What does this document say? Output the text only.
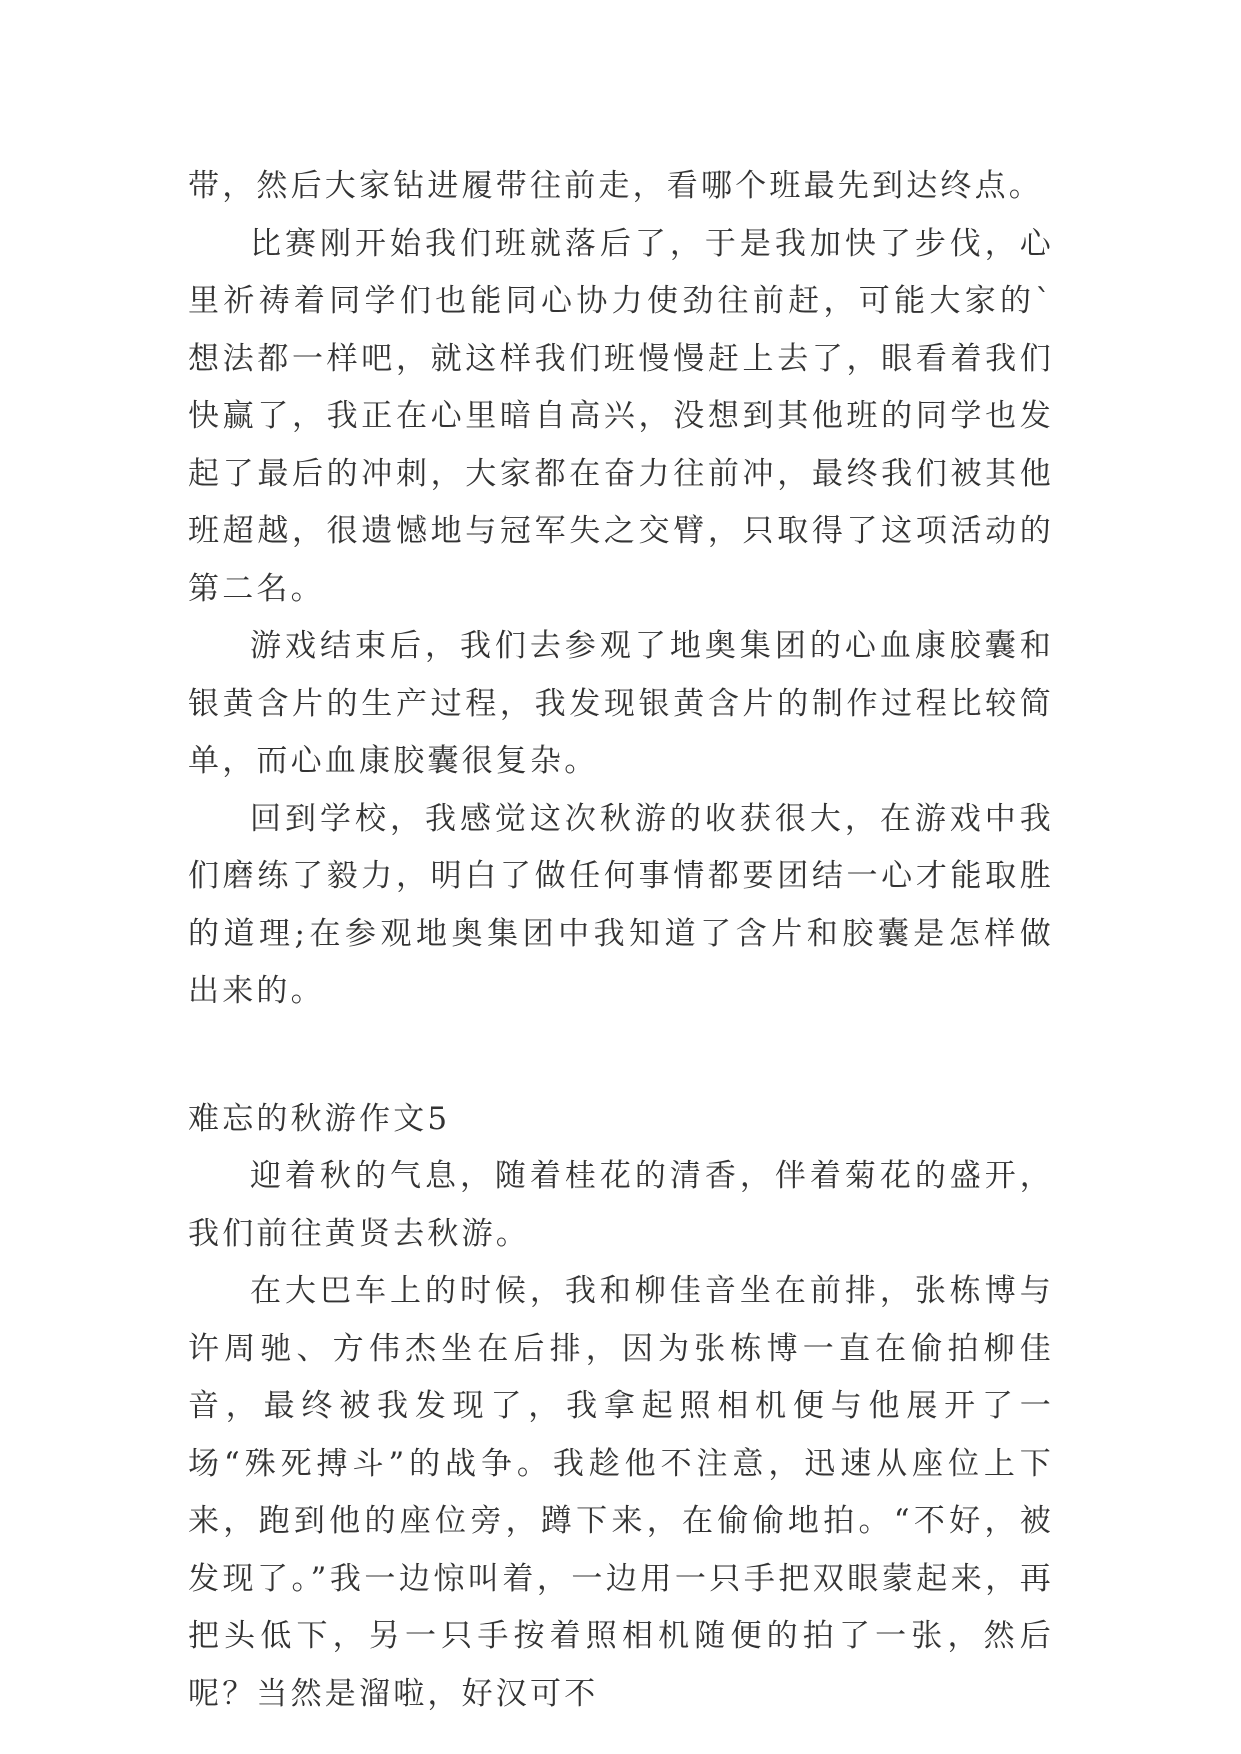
带，然后大家钻进履带往前走，看哪个班最先到达终点。

比赛刚开始我们班就落后了，于是我加快了步伐，心里祈祷着同学们也能同心协力使劲往前赶，可能大家的`想法都一样吧，就这样我们班慢慢赶上去了，眼看着我们快赢了，我正在心里暗自高兴，没想到其他班的同学也发起了最后的冲刺，大家都在奋力往前冲，最终我们被其他班超越，很遗憾地与冠军失之交臂，只取得了这项活动的第二名。

游戏结束后，我们去参观了地奥集团的心血康胶囊和银黄含片的生产过程，我发现银黄含片的制作过程比较简单，而心血康胶囊很复杂。

回到学校，我感觉这次秋游的收获很大，在游戏中我们磨练了毅力，明白了做任何事情都要团结一心才能取胜的道理;在参观地奥集团中我知道了含片和胶囊是怎样做出来的。

难忘的秋游作文5

迎着秋的气息，随着桂花的清香，伴着菊花的盛开，我们前往黄贤去秋游。

在大巴车上的时候，我和柳佳音坐在前排，张栋博与许周驰、方伟杰坐在后排，因为张栋博一直在偷拍柳佳音，最终被我发现了，我拿起照相机便与他展开了一场“殊死搏斗”的战争。我趁他不注意，迅速从座位上下来，跑到他的座位旁，蹲下来，在偷偷地拍。“不好，被发现了。”我一边惊叫着，一边用一只手把双眼蒙起来，再把头低下，另一只手按着照相机随便的拍了一张，然后呢？当然是溜啦，好汉可不
